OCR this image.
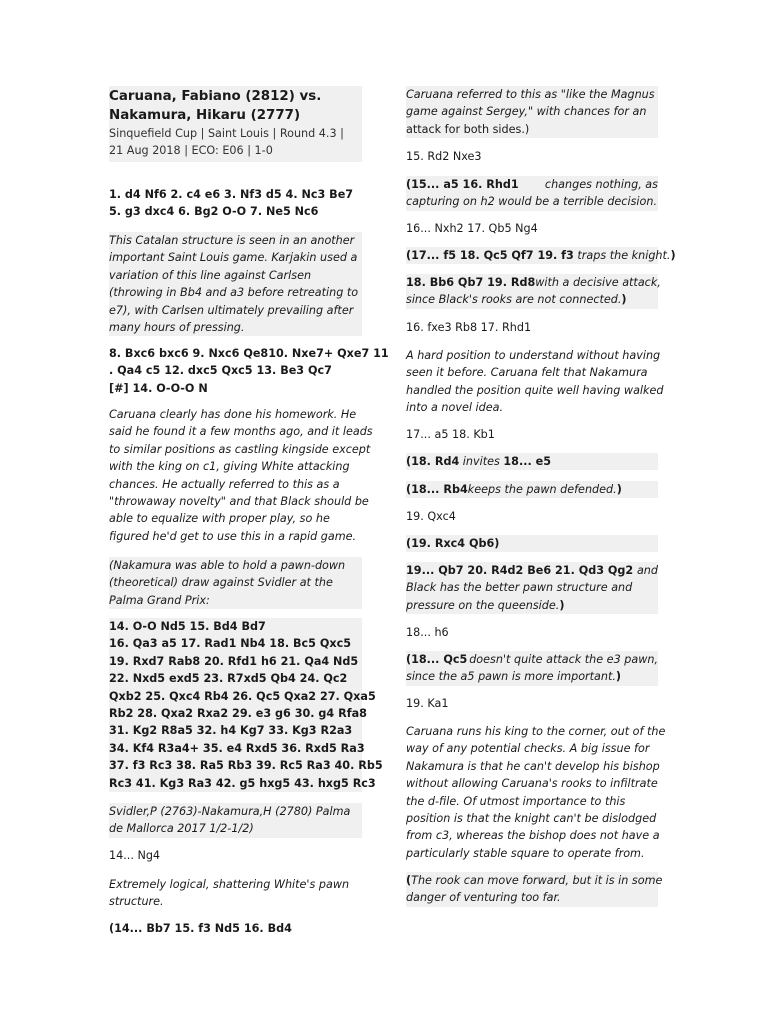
Caruana, Fabiano (2812) vs.
Nakamura, Hikaru (2777)

Sinquefield Cup | Saint Louis | Round 4.3 |
21 Aug 2018 | ECO: E06 | 1-0

1. d4 Nf6 2. c4 e6 3. Nf3 d5 4. Nc3 Be7
5. g3 dxc4 6. Bg2 O-O 7. Ne5 Nc6

This Catalan structure is seen in an another
important Saint Louis game. Karjakin used a
variation of this line against Carlsen
(throwing in Bb4 and a3 before retreating to
e7), with Carlsen ultimately prevailing after
many hours of pressing.

8. Bxc6 bxc6 9. Nxc6 Qe810. Nxe7+ Qxe7 11
. Qa4 c5 12. dxc5 Qxc5 13. Be3 Qc7
[#] 14. O-O-O N

Caruana clearly has done his homework. He
said he found it a few months ago, and it leads
to similar positions as castling kingside except
with the king on c1, giving White attacking
chances. He actually referred to this as a
"throwaway novelty" and that Black should be
able to equalize with proper play, so he
figured he'd get to use this in a rapid game.

(Nakamura was able to hold a pawn-down
(theoretical) draw against Svidler at the
Palma Grand Prix:

14. O-O Nd5 15. Bd4 Bd7
16. Qa3 a5 17. Rad1 Nb4 18. Bc5 Qxc5
19. Rxd7 Rab8 20. Rfd1 h6 21. Qa4 Nd5
22. Nxd5 exd5 23. R7xd5 Qb4 24. Qc2
Qxb2 25. Qxc4 Rb4 26. Qc5 Qxa2 27. Qxa5
Rb2 28. Qxa2 Rxa2 29. e3 g6 30. g4 Rfa8
31. Kg2 R8a5 32. h4 Kg7 33. Kg3 R2a3
34. Kf4 R3a4+ 35. e4 Rxd5 36. Rxd5 Ra3
37. f3 Rc3 38. Ra5 Rb3 39. Rc5 Ra3 40. Rb5
Rc3 41. Kg3 Ra3 42. g5 hxg5 43. hxg5 Rc3

Svidler,P (2763)-Nakamura,H (2780) Palma
de Mallorca 2017 1/2-1/2)

14... Ng4

Extremely logical, shattering White's pawn
structure.

(14... Bb7 15. f3 Nd5 16. Bd4

Caruana referred to this as "like the Magnus
game against Sergey," with chances for an
attack for both sides.)

15. Rd2 Nxe3

(15... a5 16. Rhd1 changes nothing, as
capturing on h2 would be a terrible decision.

16... Nxh2 17. Qb5 Ng4

(17... f5 18. Qc5 Qf7 19. f3 traps the knight.)

18. Bb6 Qb7 19. Rd8 with a decisive attack,
since Black's rooks are not connected.)

16. fxe3 Rb8 17. Rhd1

A hard position to understand without having
seen it before. Caruana felt that Nakamura
handled the position quite well having walked
into a novel idea.

17... a5 18. Kb1

(18. Rd4 invites 18... e5

(18... Rb4keeps the pawn defended.)

19. Qxc4

(19. Rxc4 Qb6)

19... Qb7 20. R4d2 Be6 21. Qd3 Qg2 and
Black has the better pawn structure and
pressure on the queenside.)

18... h6

(18... Qc5 doesn't quite attack the e3 pawn,
since the a5 pawn is more important.)

19. Ka1

Caruana runs his king to the corner, out of the
way of any potential checks. A big issue for
Nakamura is that he can't develop his bishop
without allowing Caruana's rooks to infiltrate
the d-file. Of utmost importance to this
position is that the knight can't be dislodged
from c3, whereas the bishop does not have a
particularly stable square to operate from.

(The rook can move forward, but it is in some
danger of venturing too far.
